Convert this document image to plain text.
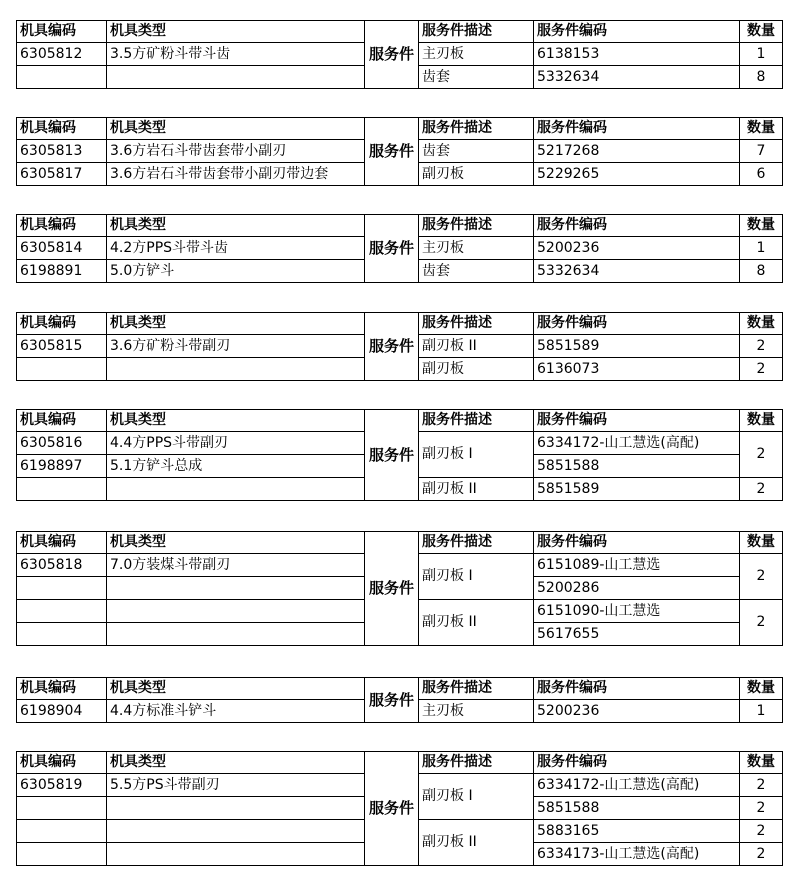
机具编码	机具类型	服务件	服务件描述	服务件编码	数量
6305812	3.5方矿粉斗带斗齿		主刃板	6138153	1
			齿套	5332634	8
机具编码	机具类型	服务件	服务件描述	服务件编码	数量
6305813	3.6方岩石斗带齿套带小副刃		齿套	5217268	7
6305817	3.6方岩石斗带齿套带小副刃带边套		副刃板	5229265	6
机具编码	机具类型	服务件	服务件描述	服务件编码	数量
6305814	4.2方PPS斗带斗齿		主刃板	5200236	1
6198891	5.0方铲斗		齿套	5332634	8
机具编码	机具类型	服务件	服务件描述	服务件编码	数量
6305815	3.6方矿粉斗带副刃		副刃板 II	5851589	2
			副刃板	6136073	2
机具编码	机具类型	服务件	服务件描述	服务件编码	数量
6305816	4.4方PPS斗带副刃		副刃板 I	6334172-山工慧选(高配)	2
6198897	5.1方铲斗总成			5851588	
			副刃板 II	5851589	2
机具编码	机具类型	服务件	服务件描述	服务件编码	数量
6305818	7.0方装煤斗带副刃		副刃板 I	6151089-山工慧选	2
				5200286	
			副刃板 II	6151090-山工慧选	2
				5617655	
机具编码	机具类型	服务件	服务件描述	服务件编码	数量
6198904	4.4方标准斗铲斗		主刃板	5200236	1
机具编码	机具类型	服务件	服务件描述	服务件编码	数量
6305819	5.5方PS斗带副刃		副刃板 I	6334172-山工慧选(高配)	2
				5851588	2
			副刃板 II	5883165	2
				6334173-山工慧选(高配)	2
